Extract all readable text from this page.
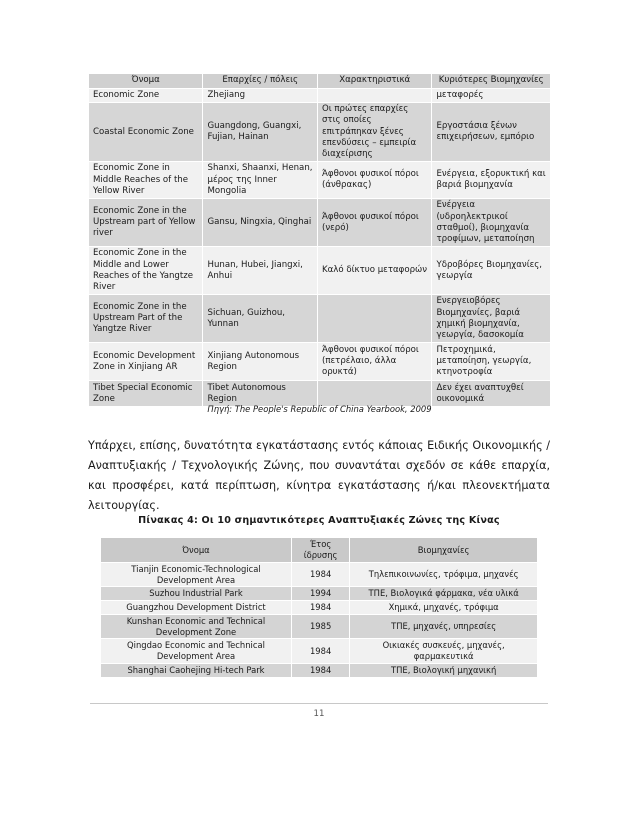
Όνομα	Επαρχίες / πόλεις	Χαρακτηριστικά	Κυριότερες Βιομηχανίες
Economic Zone	Zhejiang		μεταφορές
Coastal Economic Zone	Guangdong, Guangxi, Fujian, Hainan	Οι πρώτες επαρχίες στις οποίες επιτράπηκαν ξένες επενδύσεις – εμπειρία διαχείρισης	Εργοστάσια ξένων επιχειρήσεων, εμπόριο
Economic Zone in Middle Reaches of the Yellow River	Shanxi, Shaanxi, Henan, μέρος της Inner Mongolia	Άφθονοι φυσικοί πόροι (άνθρακας)	Ενέργεια, εξορυκτική και βαριά βιομηχανία
Economic Zone in the Upstream part of Yellow river	Gansu, Ningxia, Qinghai	Άφθονοι φυσικοί πόροι (νερό)	Ενέργεια (υδροηλεκτρικοί σταθμοί), βιομηχανία τροφίμων, μεταποίηση
Economic Zone in the Middle and Lower Reaches of the Yangtze River	Hunan, Hubei, Jiangxi, Anhui	Καλό δίκτυο μεταφορών	Υδροβόρες Βιομηχανίες, γεωργία
Economic Zone in the Upstream Part of the Yangtze River	Sichuan, Guizhou, Yunnan		Ενεργειοβόρες Βιομηχανίες, βαριά χημική βιομηχανία, γεωργία, δασοκομία
Economic Development Zone in Xinjiang AR	Xinjiang Autonomous Region	Άφθονοι φυσικοί πόροι (πετρέλαιο, άλλα ορυκτά)	Πετροχημικά, μεταποίηση, γεωργία, κτηνοτροφία
Tibet Special Economic Zone	Tibet Autonomous Region		Δεν έχει αναπτυχθεί οικονομικά
Πηγή: The People's Republic of China Yearbook, 2009

Υπάρχει, επίσης, δυνατότητα εγκατάστασης εντός κάποιας Ειδικής Οικονομικής / Αναπτυξιακής / Τεχνολογικής Ζώνης, που συναντάται σχεδόν σε κάθε επαρχία, και προσφέρει, κατά περίπτωση, κίνητρα εγκατάστασης ή/και πλεονεκτήματα λειτουργίας.

Πίνακας 4: Οι 10 σημαντικότερες Αναπτυξιακές Ζώνες της Κίνας
Όνομα	Έτος ίδρυσης	Βιομηχανίες
Tianjin Economic-Technological Development Area	1984	Τηλεπικοινωνίες, τρόφιμα, μηχανές
Suzhou Industrial Park	1994	ΤΠΕ, Βιολογικά φάρμακα, νέα υλικά
Guangzhou Development District	1984	Χημικά, μηχανές, τρόφιμα
Kunshan Economic and Technical Development Zone	1985	ΤΠΕ, μηχανές, υπηρεσίες
Qingdao Economic and Technical Development Area	1984	Οικιακές συσκευές, μηχανές, φαρμακευτικά
Shanghai Caohejing Hi-tech Park	1984	ΤΠΕ, Βιολογική μηχανική
11
